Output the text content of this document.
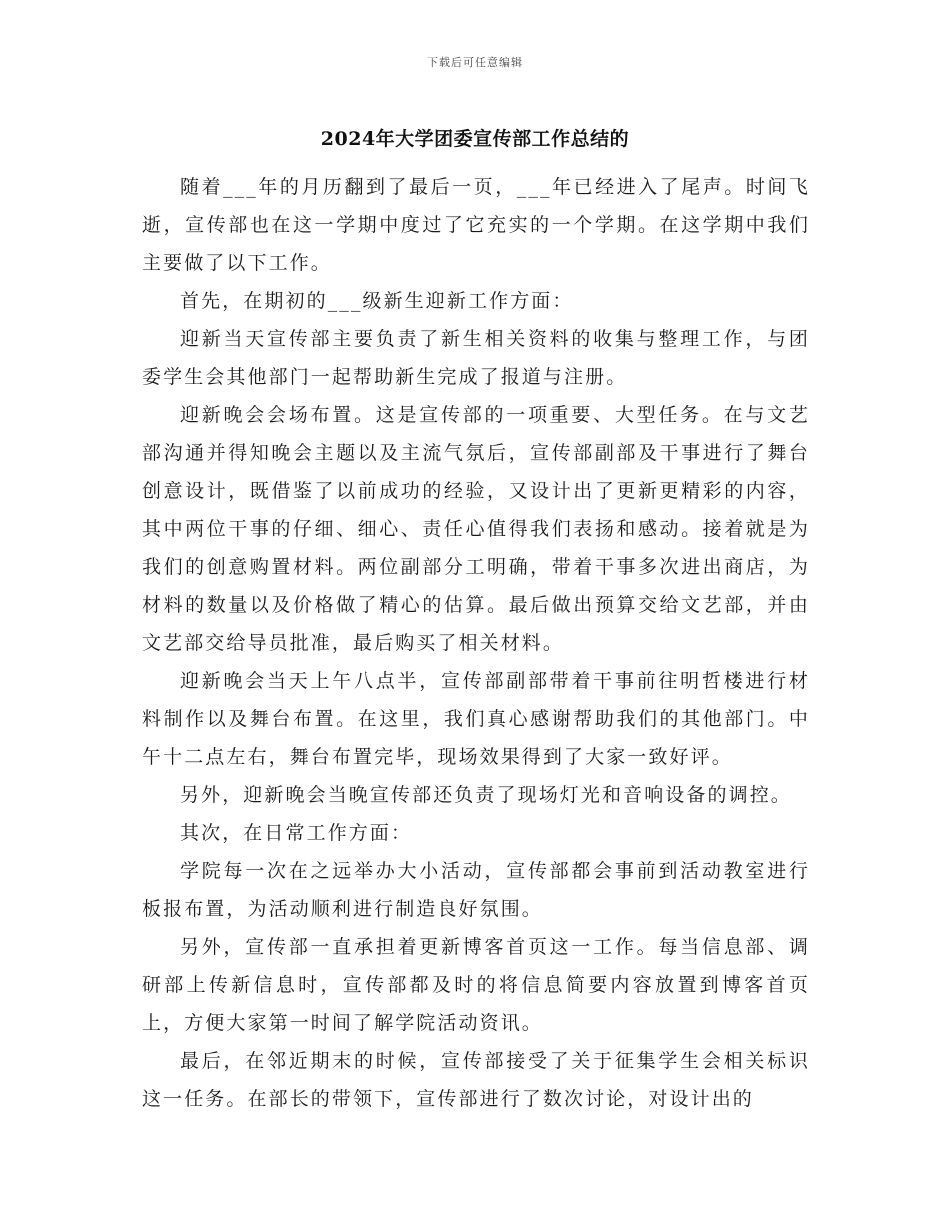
下载后可任意编辑
2024年大学团委宣传部工作总结的

随着___年的月历翻到了最后一页，___年已经进入了尾声。时间飞逝，宣传部也在这一学期中度过了它充实的一个学期。在这学期中我们主要做了以下工作。

首先，在期初的___级新生迎新工作方面：

迎新当天宣传部主要负责了新生相关资料的收集与整理工作，与团委学生会其他部门一起帮助新生完成了报道与注册。

迎新晚会会场布置。这是宣传部的一项重要、大型任务。在与文艺部沟通并得知晚会主题以及主流气氛后，宣传部副部及干事进行了舞台创意设计，既借鉴了以前成功的经验，又设计出了更新更精彩的内容，其中两位干事的仔细、细心、责任心值得我们表扬和感动。接着就是为我们的创意购置材料。两位副部分工明确，带着干事多次进出商店，为材料的数量以及价格做了精心的估算。最后做出预算交给文艺部，并由文艺部交给导员批准，最后购买了相关材料。

迎新晚会当天上午八点半，宣传部副部带着干事前往明哲楼进行材料制作以及舞台布置。在这里，我们真心感谢帮助我们的其他部门。中午十二点左右，舞台布置完毕，现场效果得到了大家一致好评。

另外，迎新晚会当晚宣传部还负责了现场灯光和音响设备的调控。

其次，在日常工作方面：

学院每一次在之远举办大小活动，宣传部都会事前到活动教室进行板报布置，为活动顺利进行制造良好氛围。

另外，宣传部一直承担着更新博客首页这一工作。每当信息部、调研部上传新信息时，宣传部都及时的将信息简要内容放置到博客首页上，方便大家第一时间了解学院活动资讯。

最后，在邻近期末的时候，宣传部接受了关于征集学生会相关标识这一任务。在部长的带领下，宣传部进行了数次讨论，对设计出的
